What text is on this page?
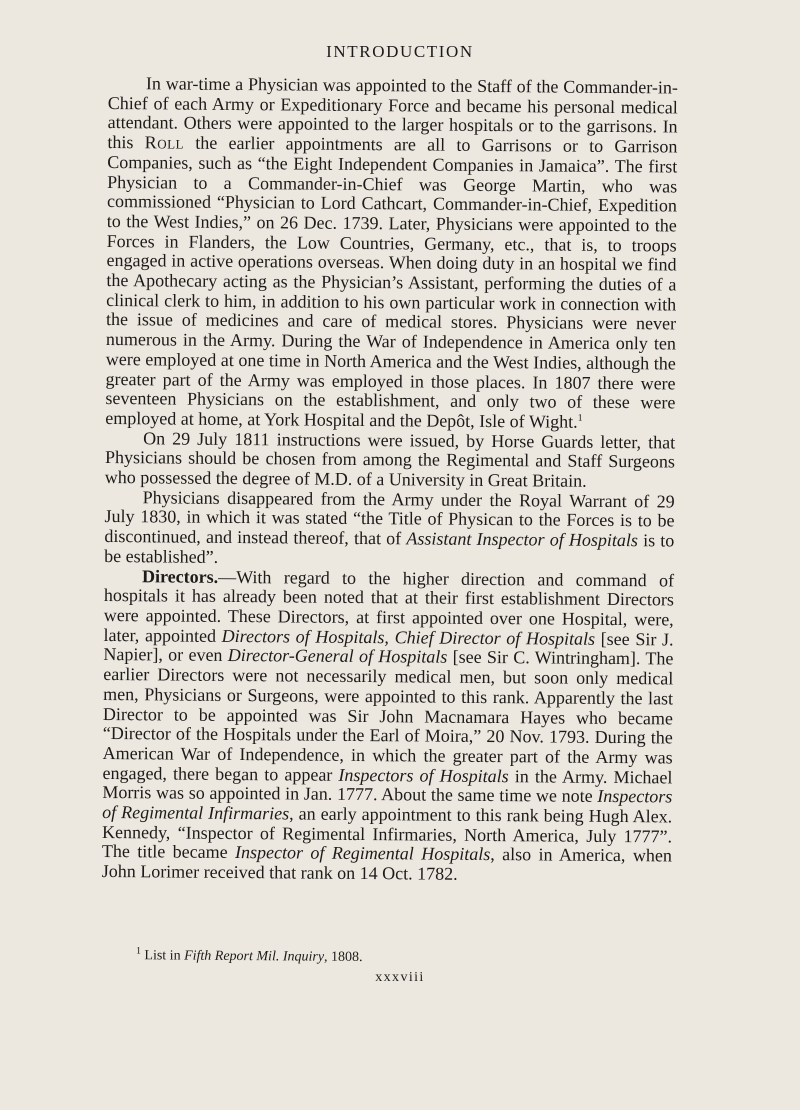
INTRODUCTION

In war-time a Physician was appointed to the Staff of the Commander-in-Chief of each Army or Expeditionary Force and became his personal medical attendant. Others were appointed to the larger hospitals or to the garrisons. In this Roll the earlier appointments are all to Garrisons or to Garrison Companies, such as “the Eight Independent Companies in Jamaica”. The first Physician to a Commander-in-Chief was George Martin, who was commissioned “Physician to Lord Cathcart, Commander-in-Chief, Expedition to the West Indies,” on 26 Dec. 1739. Later, Physicians were appointed to the Forces in Flanders, the Low Countries, Germany, etc., that is, to troops engaged in active operations overseas. When doing duty in an hospital we find the Apothecary acting as the Physician’s Assistant, performing the duties of a clinical clerk to him, in addition to his own particular work in connection with the issue of medicines and care of medical stores. Physicians were never numerous in the Army. During the War of Independence in America only ten were employed at one time in North America and the West Indies, although the greater part of the Army was employed in those places. In 1807 there were seventeen Physicians on the establishment, and only two of these were employed at home, at York Hospital and the Depôt, Isle of Wight.$^1$

On 29 July 1811 instructions were issued, by Horse Guards letter, that Physicians should be chosen from among the Regimental and Staff Surgeons who possessed the degree of M.D. of a University in Great Britain.

Physicians disappeared from the Army under the Royal Warrant of 29 July 1830, in which it was stated “the Title of Physican to the Forces is to be discontinued, and instead thereof, that of Assistant Inspector of Hospitals is to be established”.

Directors.—With regard to the higher direction and command of hospitals it has already been noted that at their first establishment Directors were appointed. These Directors, at first appointed over one Hospital, were, later, appointed Directors of Hospitals, Chief Director of Hospitals [see Sir J. Napier], or even Director-General of Hospitals [see Sir C. Wintringham]. The earlier Directors were not necessarily medical men, but soon only medical men, Physicians or Surgeons, were appointed to this rank. Apparently the last Director to be appointed was Sir John Macnamara Hayes who became “Director of the Hospitals under the Earl of Moira,” 20 Nov. 1793. During the American War of Independence, in which the greater part of the Army was engaged, there began to appear Inspectors of Hospitals in the Army. Michael Morris was so appointed in Jan. 1777. About the same time we note Inspectors of Regimental Infirmaries, an early appointment to this rank being Hugh Alex. Kennedy, “Inspector of Regimental Infirmaries, North America, July 1777”. The title became Inspector of Regimental Hospitals, also in America, when John Lorimer received that rank on 14 Oct. 1782.

$^1$ List in Fifth Report Mil. Inquiry, 1808.
xxxviii
